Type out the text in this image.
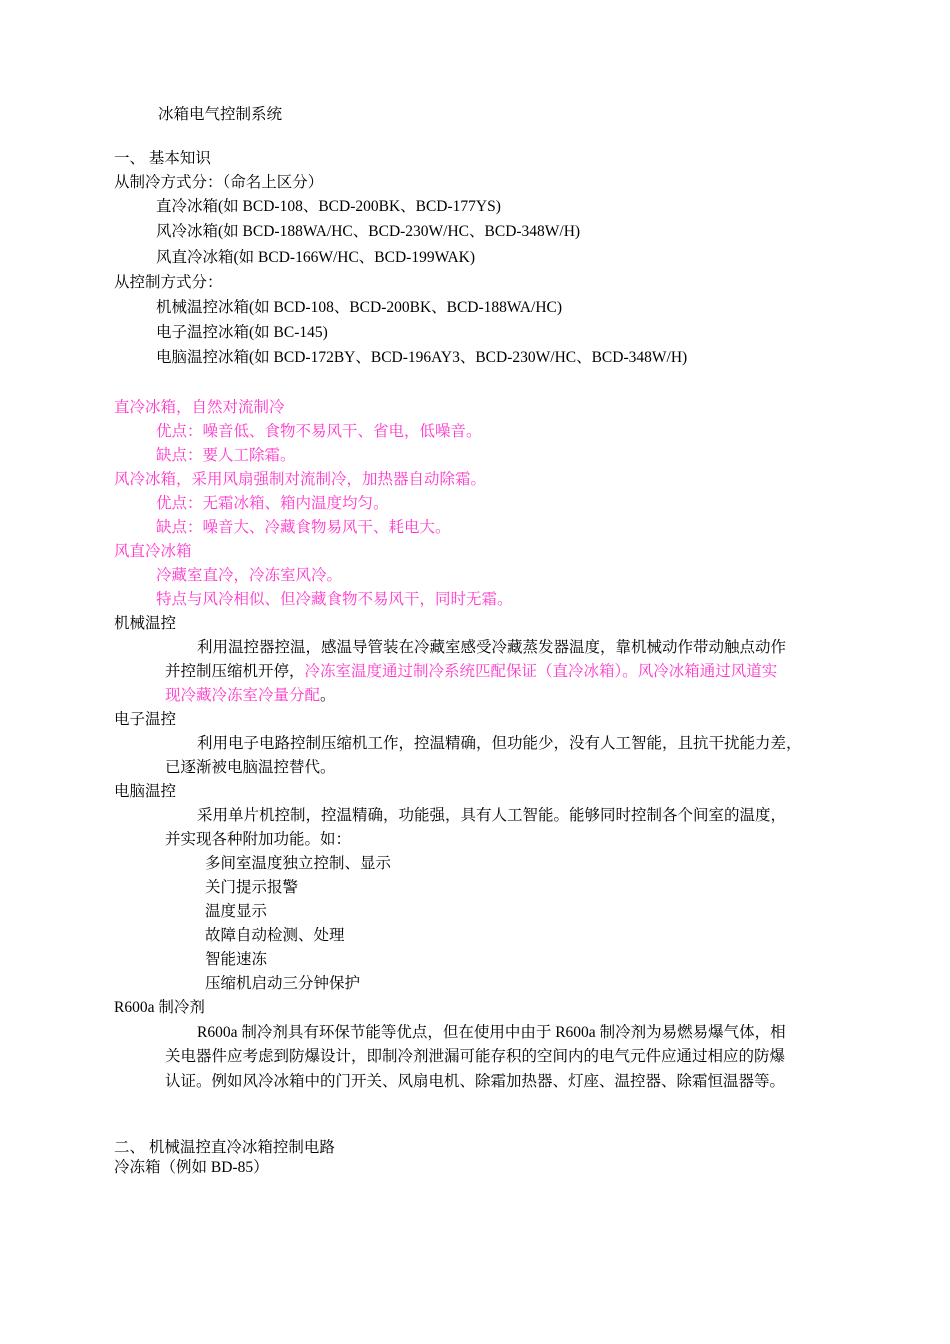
冰箱电气控制系统
一、 基本知识
从制冷方式分：（命名上区分）
直冷冰箱(如 BCD-108、BCD-200BK、BCD-177YS)
风冷冰箱(如 BCD-188WA/HC、BCD-230W/HC、BCD-348W/H)
风直冷冰箱(如 BCD-166W/HC、BCD-199WAK)
从控制方式分：
机械温控冰箱(如 BCD-108、BCD-200BK、BCD-188WA/HC)
电子温控冰箱(如 BC-145)
电脑温控冰箱(如 BCD-172BY、BCD-196AY3、BCD-230W/HC、BCD-348W/H)
直冷冰箱，自然对流制冷
优点：噪音低、食物不易风干、省电，低噪音。
缺点：要人工除霜。
风冷冰箱，采用风扇强制对流制冷，加热器自动除霜。
优点：无霜冰箱、箱内温度均匀。
缺点：噪音大、冷藏食物易风干、耗电大。
风直冷冰箱
冷藏室直冷，冷冻室风冷。
特点与风冷相似、但冷藏食物不易风干，同时无霜。
机械温控
利用温控器控温，感温导管装在冷藏室感受冷藏蒸发器温度，靠机械动作带动触点动作
并控制压缩机开停，冷冻室温度通过制冷系统匹配保证（直冷冰箱）。风冷冰箱通过风道实
现冷藏冷冻室冷量分配。
电子温控
利用电子电路控制压缩机工作，控温精确，但功能少，没有人工智能，且抗干扰能力差，
已逐渐被电脑温控替代。
电脑温控
采用单片机控制，控温精确，功能强，具有人工智能。能够同时控制各个间室的温度，
并实现各种附加功能。如：
多间室温度独立控制、显示
关门提示报警
温度显示
故障自动检测、处理
智能速冻
压缩机启动三分钟保护
R600a 制冷剂
R600a 制冷剂具有环保节能等优点，但在使用中由于 R600a 制冷剂为易燃易爆气体，相
关电器件应考虑到防爆设计，即制冷剂泄漏可能存积的空间内的电气元件应通过相应的防爆
认证。例如风冷冰箱中的门开关、风扇电机、除霜加热器、灯座、温控器、除霜恒温器等。
二、 机械温控直冷冰箱控制电路
冷冻箱（例如 BD-85）
